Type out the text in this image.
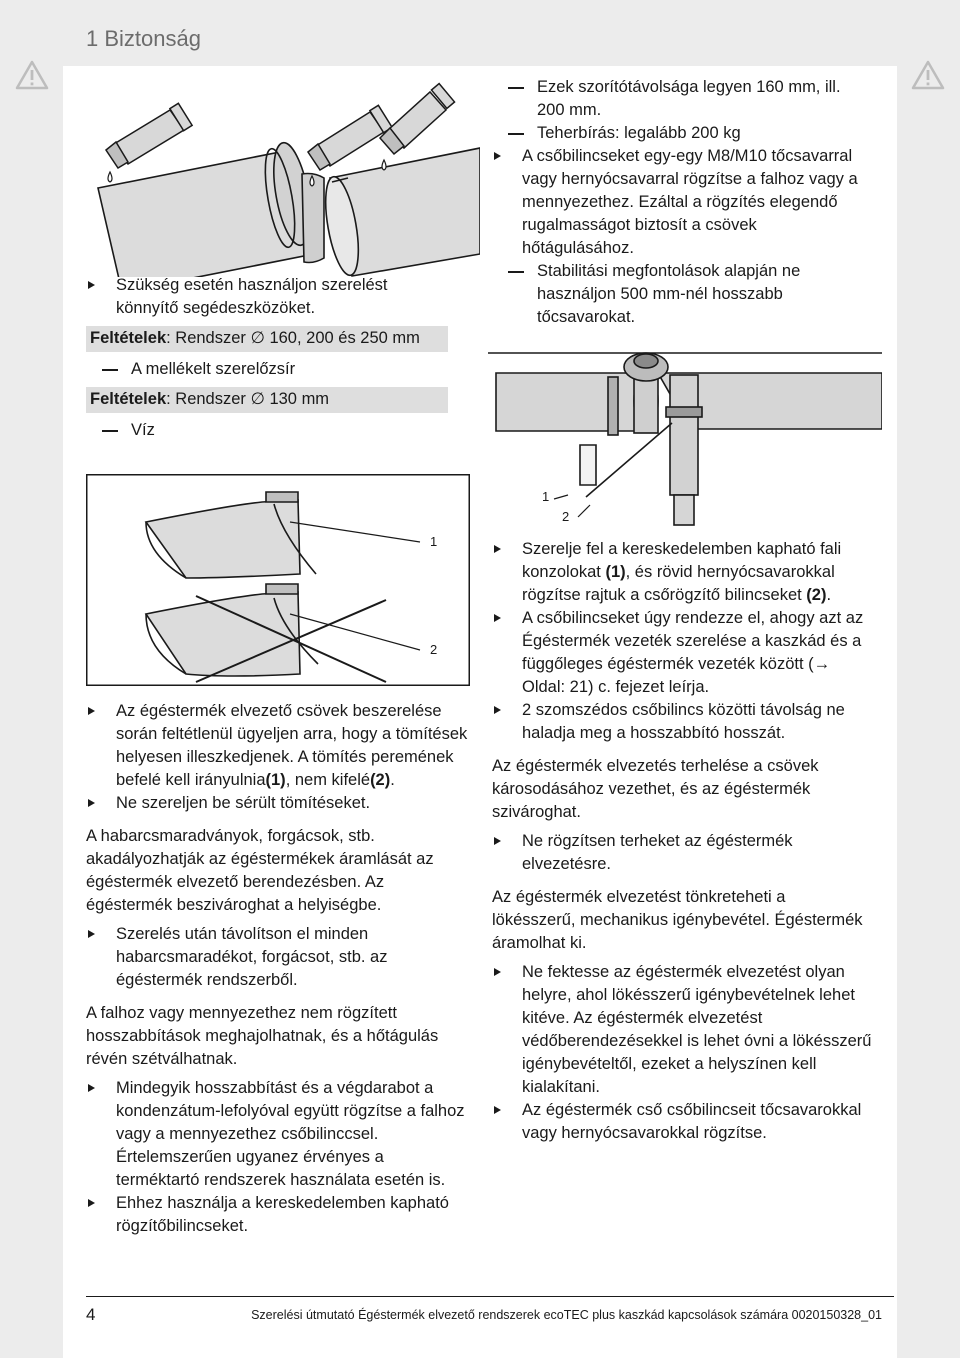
1 Biztonság
1
2
1
2

Szükség esetén használjon szerelést könnyítő segédeszközöket.

Feltételek: Rendszer ∅ 160, 200 és 250 mm

A mellékelt szerelőzsír

Feltételek: Rendszer ∅ 130 mm

Víz

Ezek szorítótávolsága legyen 160 mm, ill. 200 mm.

Teherbírás: legalább 200 kg

A csőbilincseket egy-egy M8/M10 tőcsavarral vagy hernyócsavarral rögzítse a falhoz vagy a mennyezethez. Ezáltal a rögzítés elegendő rugalmasságot biztosít a csövek hőtágulásához.

Stabilitási megfontolások alapján ne használjon 500 mm-nél hosszabb tőcsavarokat.

Az égéstermék elvezető csövek beszerelése során feltétlenül ügyeljen arra, hogy a tömítések helyesen illeszkedjenek. A tömítés peremének befelé kell irányulnia(1), nem kifelé(2).

Ne szereljen be sérült tömítéseket.

A habarcsmaradványok, forgácsok, stb. akadályozhatják az égéstermékek áramlását az égéstermék elvezető berendezésben. Az égéstermék beszivároghat a helyiségbe.

Szerelés után távolítson el minden habarcsmaradékot, forgácsot, stb. az égéstermék rendszerből.

A falhoz vagy mennyezethez nem rögzített hosszabbítások meghajolhatnak, és a hőtágulás révén szétválhatnak.

Mindegyik hosszabbítást és a végdarabot a kondenzátum-lefolyóval együtt rögzítse a falhoz vagy a mennyezethez csőbilinccsel. Értelemszerűen ugyanez érvényes a terméktartó rendszerek használata esetén is.

Ehhez használja a kereskedelemben kapható rögzítőbilincseket.

Szerelje fel a kereskedelemben kapható fali konzolokat (1), és rövid hernyócsavarokkal rögzítse rajtuk a csőrögzítő bilincseket (2).

A csőbilincseket úgy rendezze el, ahogy azt az Égéstermék vezeték szerelése a kaszkád és a függőleges égéstermék vezeték között (→ Oldal: 21) c. fejezet leírja.

2 szomszédos csőbilincs közötti távolság ne haladja meg a hosszabbító hosszát.

Az égéstermék elvezetés terhelése a csövek károsodásához vezethet, és az égéstermék szivároghat.

Ne rögzítsen terheket az égéstermék elvezetésre.

Az égéstermék elvezetést tönkreteheti a lökésszerű, mechanikus igénybevétel. Égéstermék áramolhat ki.

Ne fektesse az égéstermék elvezetést olyan helyre, ahol lökésszerű igénybevételnek lehet kitéve. Az égéstermék elvezetést védőberendezésekkel is lehet óvni a lökésszerű igénybevételtől, ezeket a helyszínen kell kialakítani.

Az égéstermék cső csőbilincseit tőcsavarokkal vagy hernyócsavarokkal rögzítse.

4	Szerelési útmutató Égéstermék elvezető rendszerek ecoTEC plus kaszkád kapcsolások számára 0020150328_01
